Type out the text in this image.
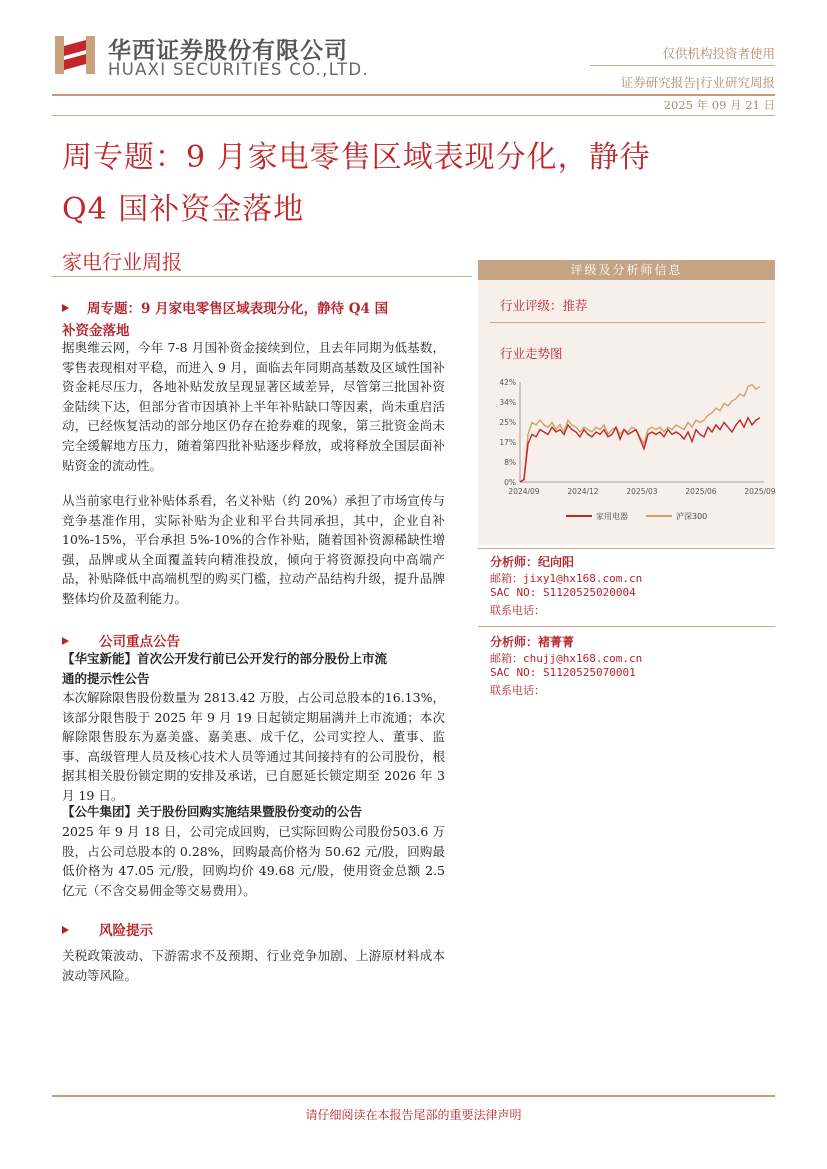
华西证券股份有限公司
HUAXI SECURITIES CO.,LTD.
仅供机构投资者使用
证券研究报告|行业研究周报
2025 年 09 月 21 日
周专题：9 月家电零售区域表现分化，静待
Q4 国补资金落地
家电行业周报
周专题：9 月家电零售区域表现分化，静待 Q4 国
补资金落地
据奥维云网，今年 7-8 月国补资金接续到位，且去年同期为低基数，零售表现相对平稳，而进入 9 月，面临去年同期高基数及区域性国补资金耗尽压力，各地补贴发放呈现显著区域差异，尽管第三批国补资金陆续下达，但部分省市因填补上半年补贴缺口等因素，尚未重启活动，已经恢复活动的部分地区仍存在抢券难的现象，第三批资金尚未完全缓解地方压力，随着第四批补贴逐步释放，或将释放全国层面补贴资金的流动性。
从当前家电行业补贴体系看，名义补贴（约 20%）承担了市场宣传与竞争基准作用，实际补贴为企业和平台共同承担，其中，企业自补 10%-15%，平台承担 5%-10%的合作补贴，随着国补资源稀缺性增强，品牌或从全面覆盖转向精准投放，倾向于将资源投向中高端产品，补贴降低中高端机型的购买门槛，拉动产品结构升级，提升品牌整体均价及盈利能力。
公司重点公告
【华宝新能】首次公开发行前已公开发行的部分股份上市流
通的提示性公告
本次解除限售股份数量为 2813.42 万股，占公司总股本的16.13%，该部分限售股于 2025 年 9 月 19 日起锁定期届满并上市流通；本次解除限售股东为嘉美盛、嘉美惠、成千亿，公司实控人、董事、监事、高级管理人员及核心技术人员等通过其间接持有的公司股份，根据其相关股份锁定期的安排及承诺，已自愿延长锁定期至 2026 年 3 月 19 日。
【公牛集团】关于股份回购实施结果暨股份变动的公告
2025 年 9 月 18 日，公司完成回购，已实际回购公司股份503.6 万股，占公司总股本的 0.28%，回购最高价格为 50.62 元/股，回购最低价格为 47.05 元/股，回购均价 49.68 元/股，使用资金总额 2.5 亿元（不含交易佣金等交易费用）。
风险提示
关税政策波动、下游需求不及预期、行业竞争加剧、上游原材料成本波动等风险。
评级及分析师信息
行业评级：推荐
行业走势图
42%
34%
25%
17%
8%
0%
2024/09	2024/12	2025/03	2025/06	2025/09
家用电器	沪深300
分析师：纪向阳
邮箱：jixy1@hx168.com.cn
SAC NO: S1120525020004
联系电话：
分析师：褚菁菁
邮箱：chujj@hx168.com.cn
SAC NO: S1120525070001
联系电话：
请仔细阅读在本报告尾部的重要法律声明
